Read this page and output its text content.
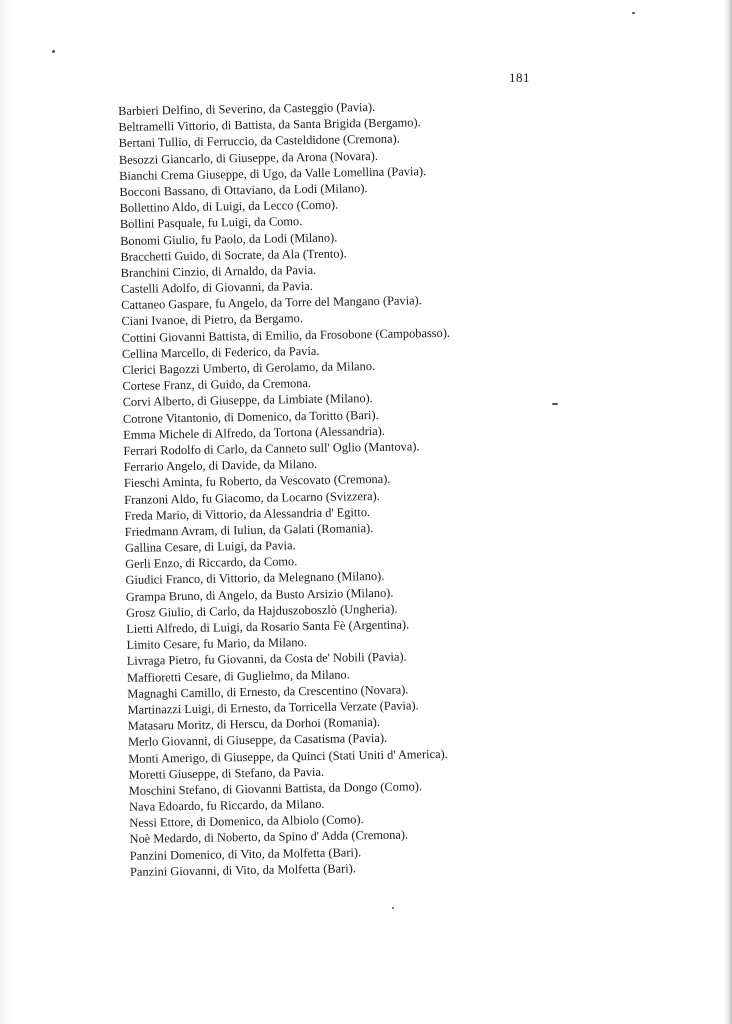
181
Barbieri Delfino, di Severino, da Casteggio (Pavia).
Beltramelli Vittorio, di Battista, da Santa Brigida (Bergamo).
Bertani Tullio, di Ferruccio, da Casteldidone (Cremona).
Besozzi Giancarlo, di Giuseppe, da Arona (Novara).
Bianchi Crema Giuseppe, di Ugo, da Valle Lomellina (Pavia).
Bocconi Bassano, di Ottaviano, da Lodi (Milano).
Bollettino Aldo, di Luigi, da Lecco (Como).
Bollini Pasquale, fu Luigi, da Como.
Bonomi Giulio, fu Paolo, da Lodi (Milano).
Bracchetti Guido, di Socrate, da Ala (Trento).
Branchini Cinzio, di Arnaldo, da Pavia.
Castelli Adolfo, di Giovanni, da Pavia.
Cattaneo Gaspare, fu Angelo, da Torre del Mangano (Pavia).
Ciani Ivanoe, di Pietro, da Bergamo.
Cottini Giovanni Battista, di Emilio, da Frosobone (Campobasso).
Cellina Marcello, di Federico, da Pavia.
Clerici Bagozzi Umberto, di Gerolamo, da Milano.
Cortese Franz, di Guido, da Cremona.
Corvi Alberto, di Giuseppe, da Limbiate (Milano).
Cotrone Vitantonio, di Domenico, da Toritto (Bari).
Emma Michele di Alfredo, da Tortona (Alessandria).
Ferrari Rodolfo di Carlo, da Canneto sull' Oglio (Mantova).
Ferrario Angelo, di Davide, da Milano.
Fieschi Aminta, fu Roberto, da Vescovato (Cremona).
Franzoni Aldo, fu Giacomo, da Locarno (Svizzera).
Freda Mario, di Vittorio, da Alessandria d' Egitto.
Friedmann Avram, di Iuliun, da Galati (Romania).
Gallina Cesare, di Luigi, da Pavia.
Gerli Enzo, di Riccardo, da Como.
Giudici Franco, di Vittorio, da Melegnano (Milano).
Grampa Bruno, di Angelo, da Busto Arsizio (Milano).
Grosz Giulio, di Carlo, da Hajduszoboszlò (Ungheria).
Lietti Alfredo, di Luigi, da Rosario Santa Fè (Argentina).
Limito Cesare, fu Mario, da Milano.
Livraga Pietro, fu Giovanni, da Costa de' Nobili (Pavia).
Maffioretti Cesare, di Guglielmo, da Milano.
Magnaghi Camillo, di Ernesto, da Crescentino (Novara).
Martinazzi Luigi, di Ernesto, da Torricella Verzate (Pavia).
Matasaru Moritz, di Herscu, da Dorhoi (Romania).
Merlo Giovanni, di Giuseppe, da Casatisma (Pavia).
Monti Amerigo, di Giuseppe, da Quinci (Stati Uniti d' America).
Moretti Giuseppe, di Stefano, da Pavia.
Moschini Stefano, di Giovanni Battista, da Dongo (Como).
Nava Edoardo, fu Riccardo, da Milano.
Nessi Ettore, di Domenico, da Albiolo (Como).
Noè Medardo, di Noberto, da Spino d' Adda (Cremona).
Panzini Domenico, di Vito, da Molfetta (Bari).
Panzini Giovanni, di Vito, da Molfetta (Bari).
